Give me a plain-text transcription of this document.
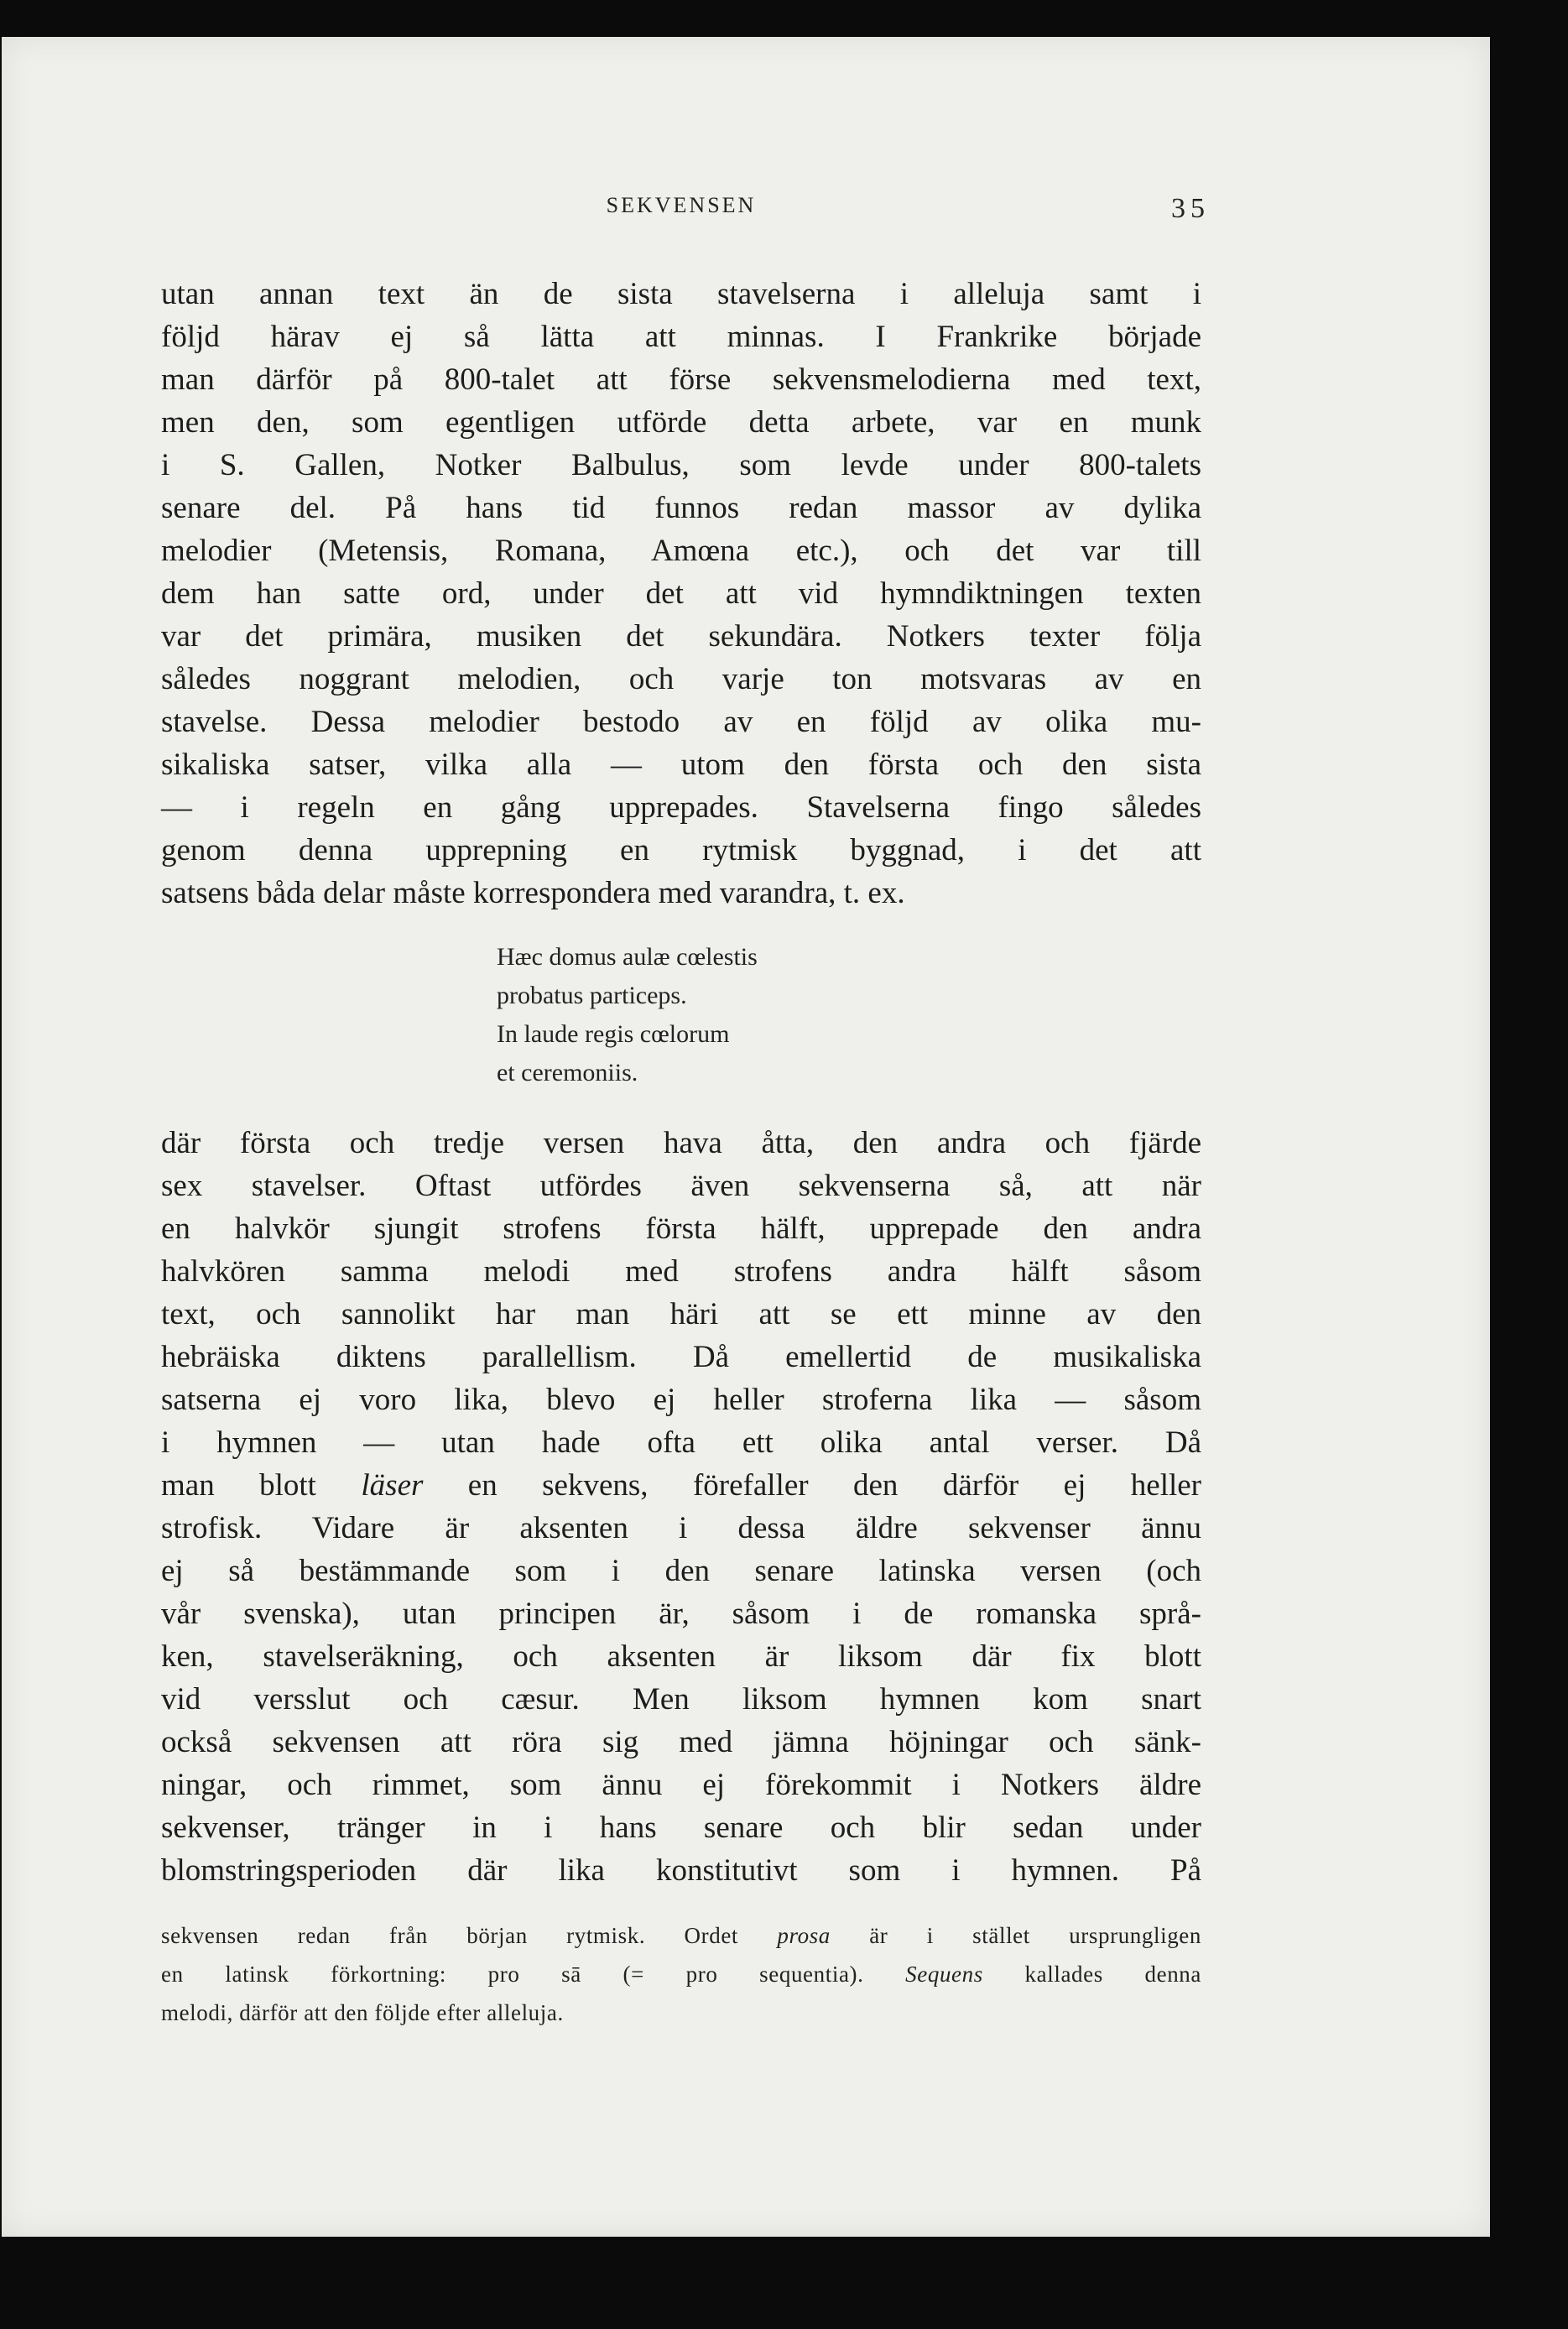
SEKVENSEN	35
utan annan text än de sista stavelserna i alleluja samt i
följd härav ej så lätta att minnas. I Frankrike började
man därför på 800-talet att förse sekvensmelodierna med text,
men den, som egentligen utförde detta arbete, var en munk
i S. Gallen, Notker Balbulus, som levde under 800-talets
senare del. På hans tid funnos redan massor av dylika
melodier (Metensis, Romana, Amœna etc.), och det var till
dem han satte ord, under det att vid hymndiktningen texten
var det primära, musiken det sekundära. Notkers texter följa
således noggrant melodien, och varje ton motsvaras av en
stavelse. Dessa melodier bestodo av en följd av olika mu-
sikaliska satser, vilka alla — utom den första och den sista
— i regeln en gång upprepades. Stavelserna fingo således
genom denna upprepning en rytmisk byggnad, i det att
satsens båda delar måste korrespondera med varandra, t. ex.
Hæc domus aulæ cœlestis
probatus particeps.
In laude regis cœlorum
et ceremoniis.
där första och tredje versen hava åtta, den andra och fjärde
sex stavelser. Oftast utfördes även sekvenserna så, att när
en halvkör sjungit strofens första hälft, upprepade den andra
halvkören samma melodi med strofens andra hälft såsom
text, och sannolikt har man häri att se ett minne av den
hebräiska diktens parallellism. Då emellertid de musikaliska
satserna ej voro lika, blevo ej heller stroferna lika — såsom
i hymnen — utan hade ofta ett olika antal verser. Då
man blott läser en sekvens, förefaller den därför ej heller
strofisk. Vidare är aksenten i dessa äldre sekvenser ännu
ej så bestämmande som i den senare latinska versen (och
vår svenska), utan principen är, såsom i de romanska språ-
ken, stavelseräkning, och aksenten är liksom där fix blott
vid versslut och cæsur. Men liksom hymnen kom snart
också sekvensen att röra sig med jämna höjningar och sänk-
ningar, och rimmet, som ännu ej förekommit i Notkers äldre
sekvenser, tränger in i hans senare och blir sedan under
blomstringsperioden där lika konstitutivt som i hymnen. På
sekvensen redan från början rytmisk. Ordet prosa är i stället ursprungligen
en latinsk förkortning: pro sā (= pro sequentia). Sequens kallades denna
melodi, därför att den följde efter alleluja.
